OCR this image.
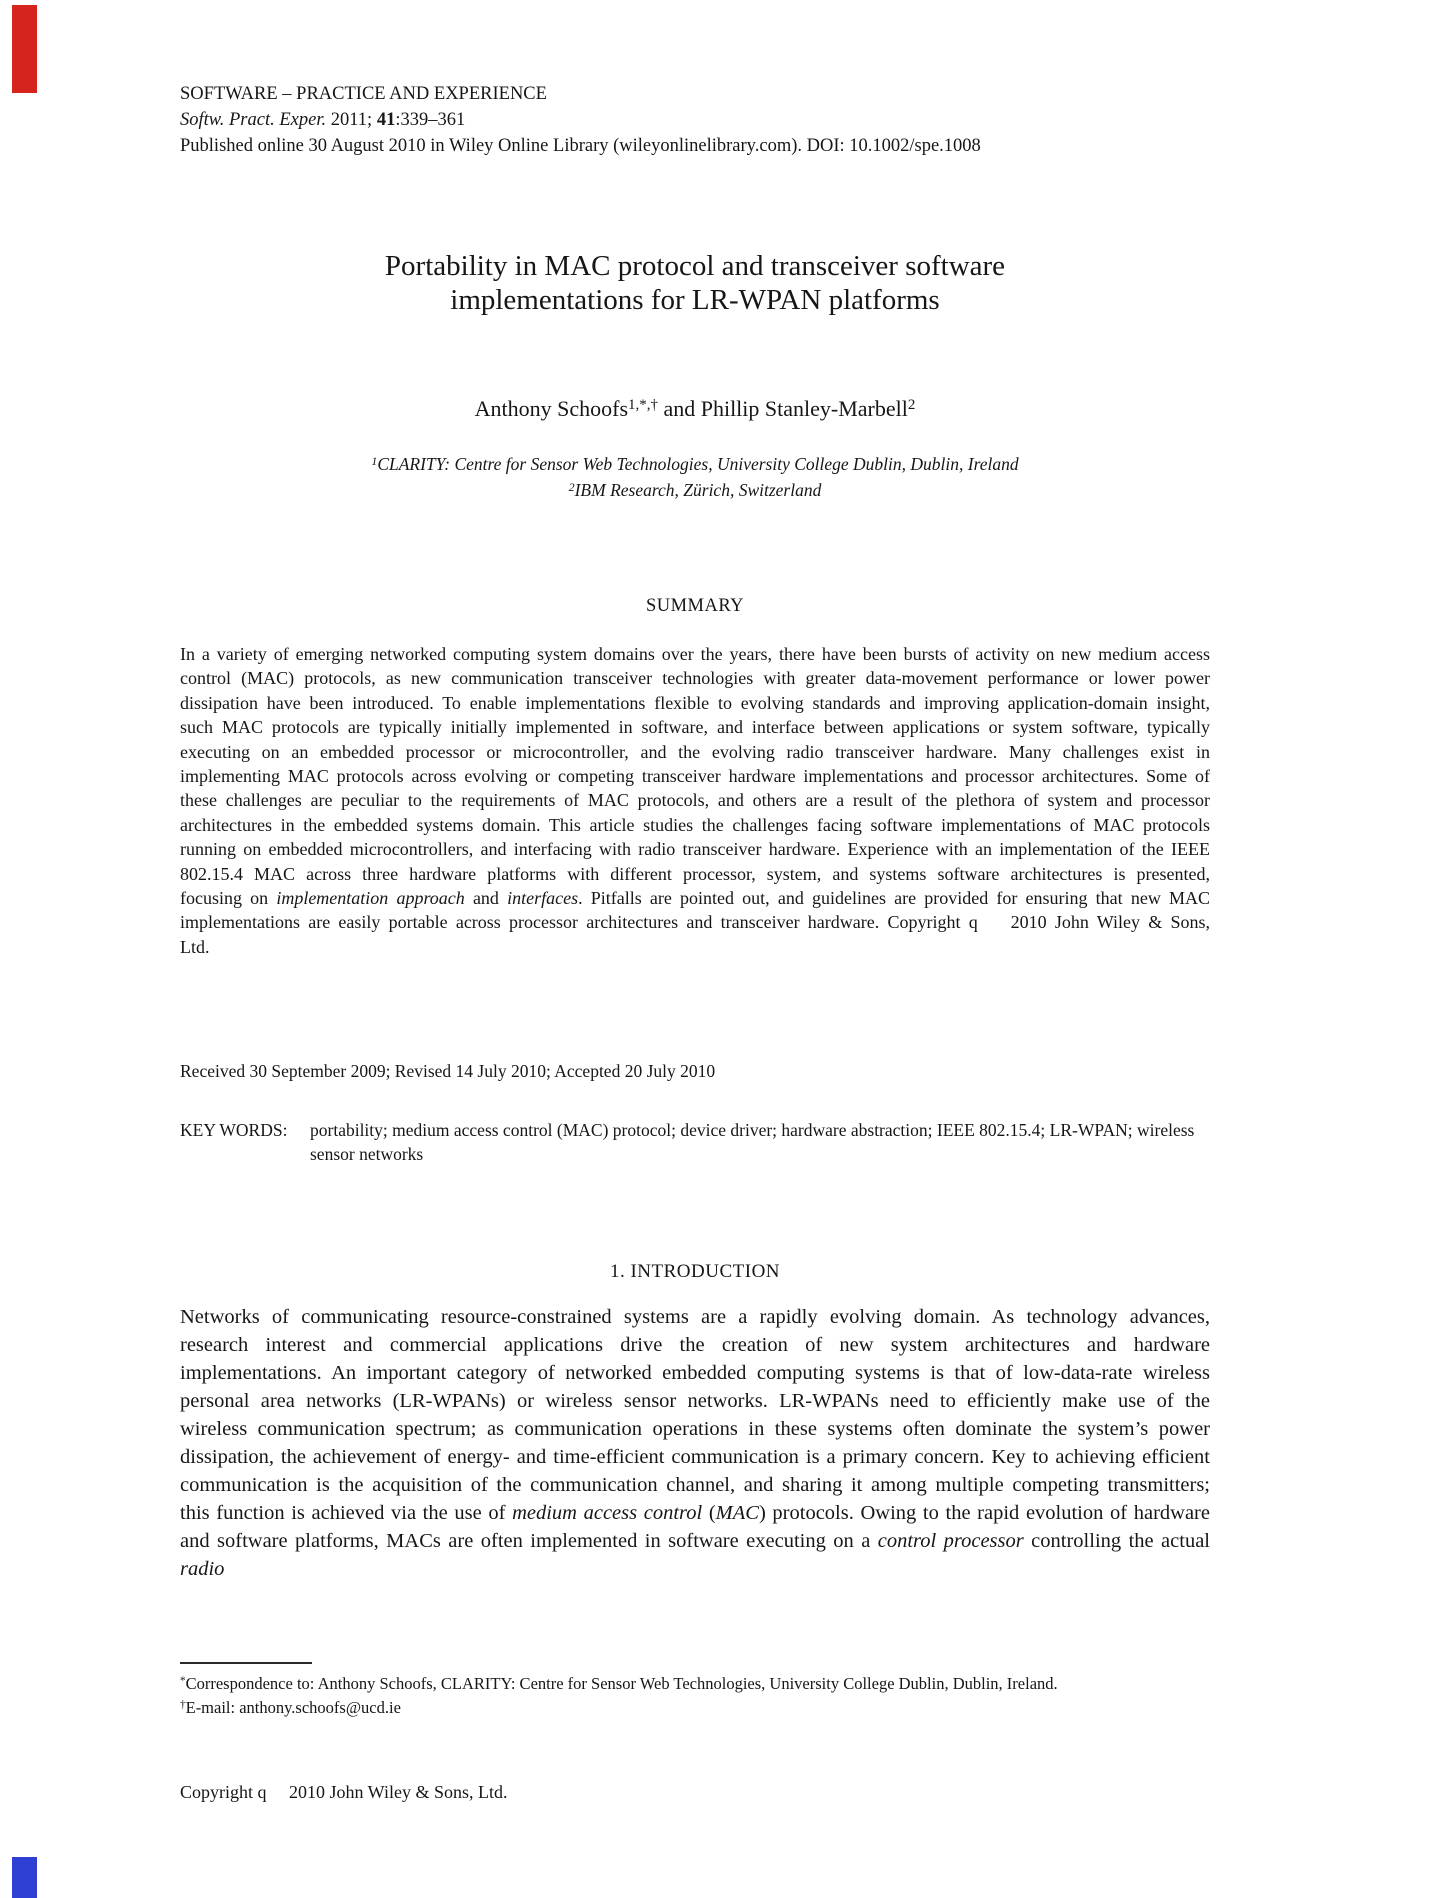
SOFTWARE – PRACTICE AND EXPERIENCE
Softw. Pract. Exper. 2011; 41:339–361
Published online 30 August 2010 in Wiley Online Library (wileyonlinelibrary.com). DOI: 10.1002/spe.1008
Portability in MAC protocol and transceiver software
implementations for LR-WPAN platforms
Anthony Schoofs$^{1,*,\dagger}$ and Phillip Stanley-Marbell$^2$
$^1$CLARITY: Centre for Sensor Web Technologies, University College Dublin, Dublin, Ireland
$^2$IBM Research, Zürich, Switzerland
SUMMARY
In a variety of emerging networked computing system domains over the years, there have been bursts of activity on new medium access control (MAC) protocols, as new communication transceiver technologies with greater data-movement performance or lower power dissipation have been introduced. To enable implementations flexible to evolving standards and improving application-domain insight, such MAC protocols are typically initially implemented in software, and interface between applications or system software, typically executing on an embedded processor or microcontroller, and the evolving radio transceiver hardware. Many challenges exist in implementing MAC protocols across evolving or competing transceiver hardware implementations and processor architectures. Some of these challenges are peculiar to the requirements of MAC protocols, and others are a result of the plethora of system and processor architectures in the embedded systems domain. This article studies the challenges facing software implementations of MAC protocols running on embedded microcontrollers, and interfacing with radio transceiver hardware. Experience with an implementation of the IEEE 802.15.4 MAC across three hardware platforms with different processor, system, and systems software architectures is presented, focusing on implementation approach and interfaces. Pitfalls are pointed out, and guidelines are provided for ensuring that new MAC implementations are easily portable across processor architectures and transceiver hardware. Copyright q    2010 John Wiley & Sons, Ltd.
Received 30 September 2009; Revised 14 July 2010; Accepted 20 July 2010
KEY WORDS:	portability; medium access control (MAC) protocol; device driver; hardware abstraction; IEEE 802.15.4; LR-WPAN; wireless sensor networks
1. INTRODUCTION
Networks of communicating resource-constrained systems are a rapidly evolving domain. As technology advances, research interest and commercial applications drive the creation of new system architectures and hardware implementations. An important category of networked embedded computing systems is that of low-data-rate wireless personal area networks (LR-WPANs) or wireless sensor networks. LR-WPANs need to efficiently make use of the wireless communication spectrum; as communication operations in these systems often dominate the system’s power dissipation, the achievement of energy- and time-efficient communication is a primary concern. Key to achieving efficient communication is the acquisition of the communication channel, and sharing it among multiple competing transmitters; this function is achieved via the use of medium access control (MAC) protocols. Owing to the rapid evolution of hardware and software platforms, MACs are often implemented in software executing on a control processor controlling the actual radio

*Correspondence to: Anthony Schoofs, CLARITY: Centre for Sensor Web Technologies, University College Dublin, Dublin, Ireland.

†E-mail: anthony.schoofs@ucd.ie

Copyright q     2010 John Wiley & Sons, Ltd.
